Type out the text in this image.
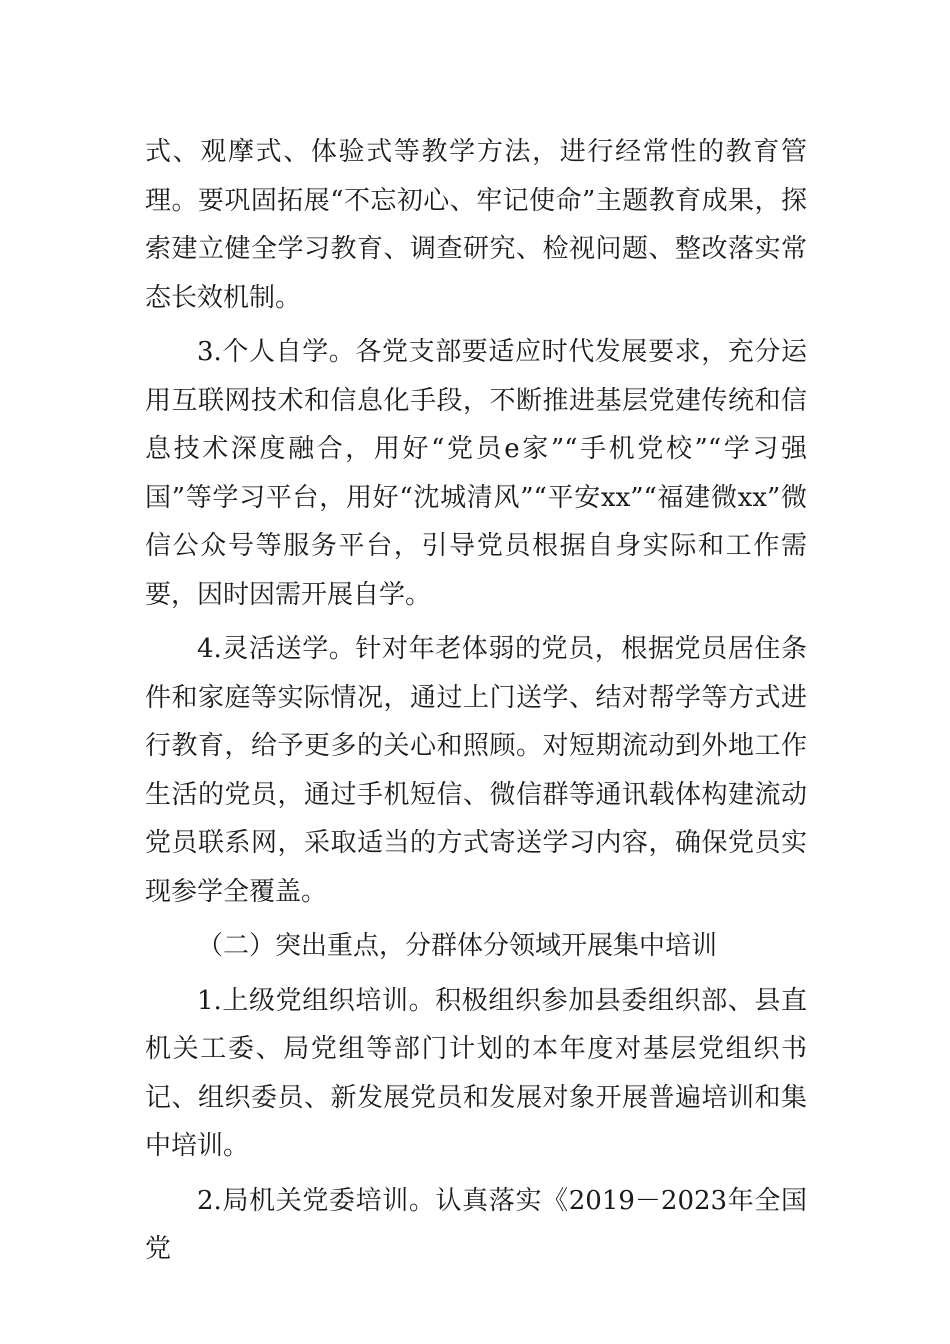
式、观摩式、体验式等教学方法，进行经常性的教育管理。要巩固拓展“不忘初心、牢记使命”主题教育成果，探索建立健全学习教育、调查研究、检视问题、整改落实常态长效机制。

3.个人自学。各党支部要适应时代发展要求，充分运用互联网技术和信息化手段，不断推进基层党建传统和信息技术深度融合，用好“党员e家”“手机党校”“学习强国”等学习平台，用好“沈城清风”“平安xx”“福建微xx”微信公众号等服务平台，引导党员根据自身实际和工作需要，因时因需开展自学。

4.灵活送学。针对年老体弱的党员，根据党员居住条件和家庭等实际情况，通过上门送学、结对帮学等方式进行教育，给予更多的关心和照顾。对短期流动到外地工作生活的党员，通过手机短信、微信群等通讯载体构建流动党员联系网，采取适当的方式寄送学习内容，确保党员实现参学全覆盖。

（二）突出重点，分群体分领域开展集中培训

1.上级党组织培训。积极组织参加县委组织部、县直机关工委、局党组等部门计划的本年度对基层党组织书记、组织委员、新发展党员和发展对象开展普遍培训和集中培训。

2.局机关党委培训。认真落实《2019－2023年全国党
